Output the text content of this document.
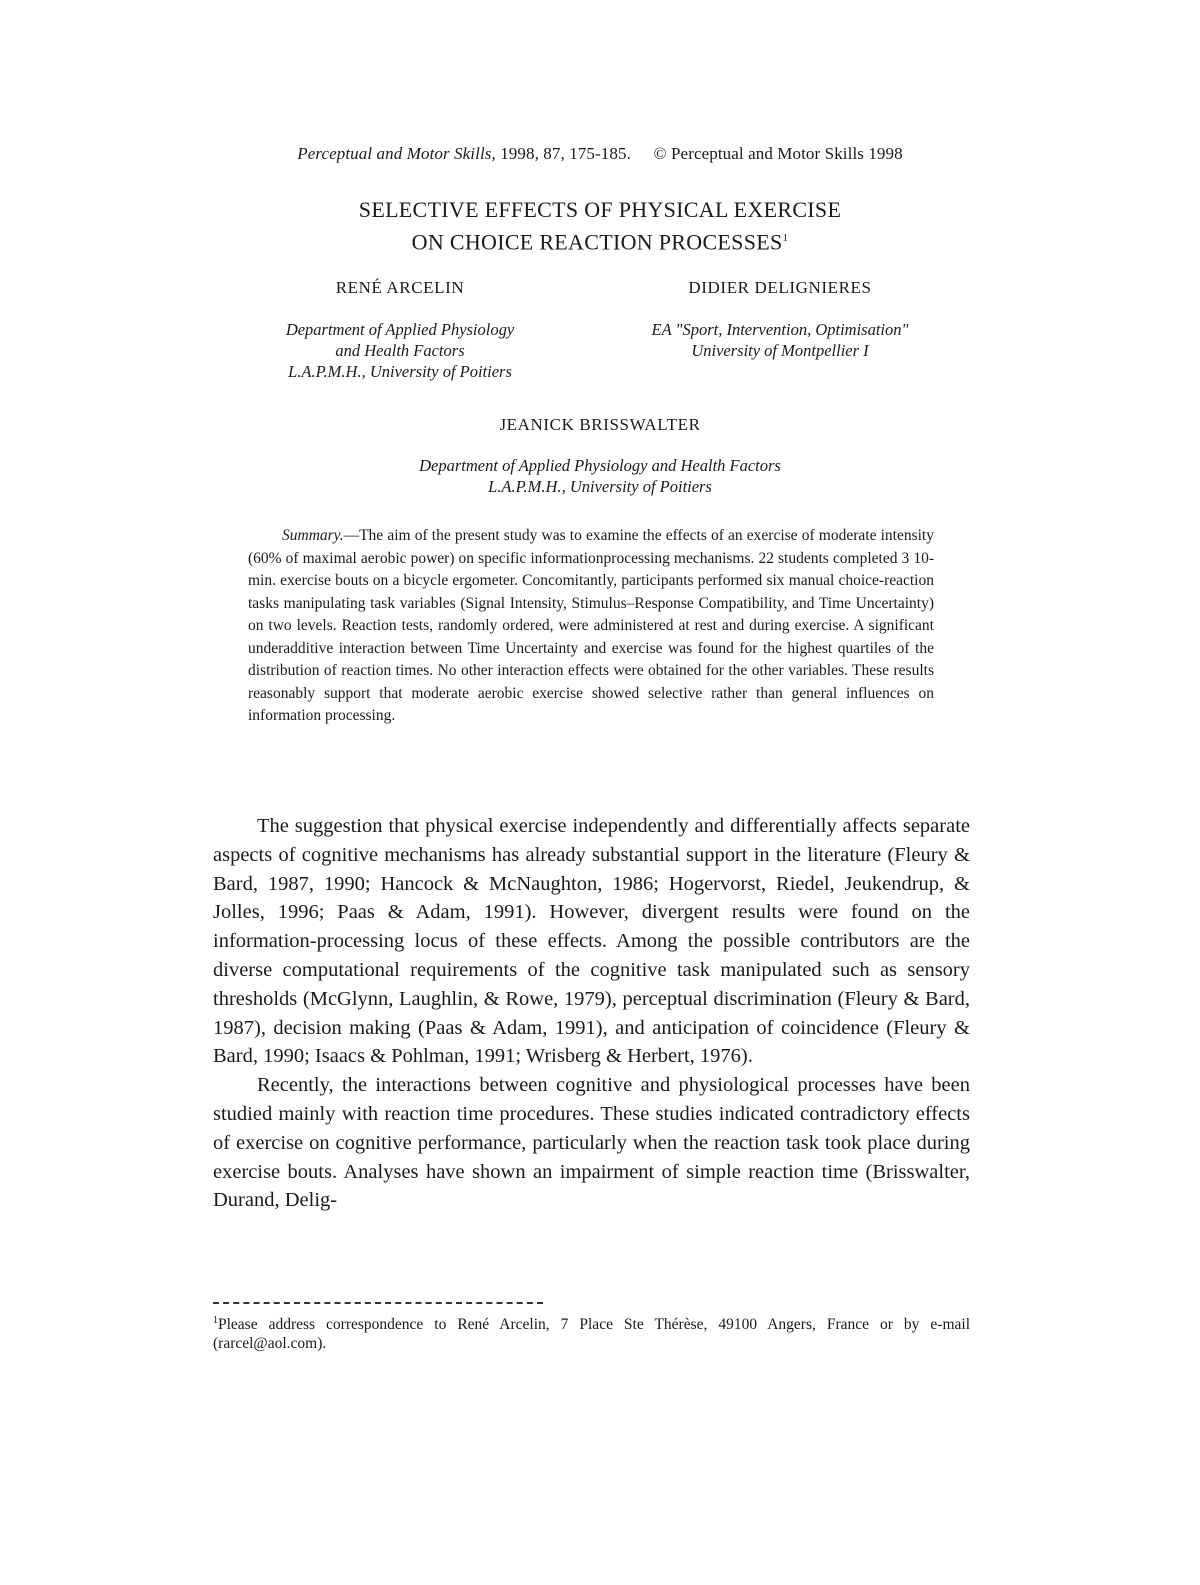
Perceptual and Motor Skills, 1998, 87, 175-185. © Perceptual and Motor Skills 1998
SELECTIVE EFFECTS OF PHYSICAL EXERCISE
ON CHOICE REACTION PROCESSES$^1$
RENÉ ARCELIN
Department of Applied Physiology
and Health Factors
L.A.P.M.H., University of Poitiers
DIDIER DELIGNIERES
EA "Sport, Intervention, Optimisation"
University of Montpellier I
JEANICK BRISSWALTER
Department of Applied Physiology and Health Factors
L.A.P.M.H., University of Poitiers
Summary.—The aim of the present study was to examine the effects of an exercise of moderate intensity (60% of maximal aerobic power) on specific informationprocessing mechanisms. 22 students completed 3 10-min. exercise bouts on a bicycle ergometer. Concomitantly, participants performed six manual choice-reaction tasks manipulating task variables (Signal Intensity, Stimulus–Response Compatibility, and Time Uncertainty) on two levels. Reaction tests, randomly ordered, were administered at rest and during exercise. A significant underadditive interaction between Time Uncertainty and exercise was found for the highest quartiles of the distribution of reaction times. No other interaction effects were obtained for the other variables. These results reasonably support that moderate aerobic exercise showed selective rather than general influences on information processing.

The suggestion that physical exercise independently and differentially affects separate aspects of cognitive mechanisms has already substantial support in the literature (Fleury & Bard, 1987, 1990; Hancock & McNaughton, 1986; Hogervorst, Riedel, Jeukendrup, & Jolles, 1996; Paas & Adam, 1991). However, divergent results were found on the information-processing locus of these effects. Among the possible contributors are the diverse computational requirements of the cognitive task manipulated such as sensory thresholds (McGlynn, Laughlin, & Rowe, 1979), perceptual discrimination (Fleury & Bard, 1987), decision making (Paas & Adam, 1991), and anticipation of coincidence (Fleury & Bard, 1990; Isaacs & Pohlman, 1991; Wrisberg & Herbert, 1976).

Recently, the interactions between cognitive and physiological processes have been studied mainly with reaction time procedures. These studies indicated contradictory effects of exercise on cognitive performance, particularly when the reaction task took place during exercise bouts. Analyses have shown an impairment of simple reaction time (Brisswalter, Durand, Delig-

$^1$Please address correspondence to René Arcelin, 7 Place Ste Thérèse, 49100 Angers, France or by e-mail (rarcel@aol.com).
